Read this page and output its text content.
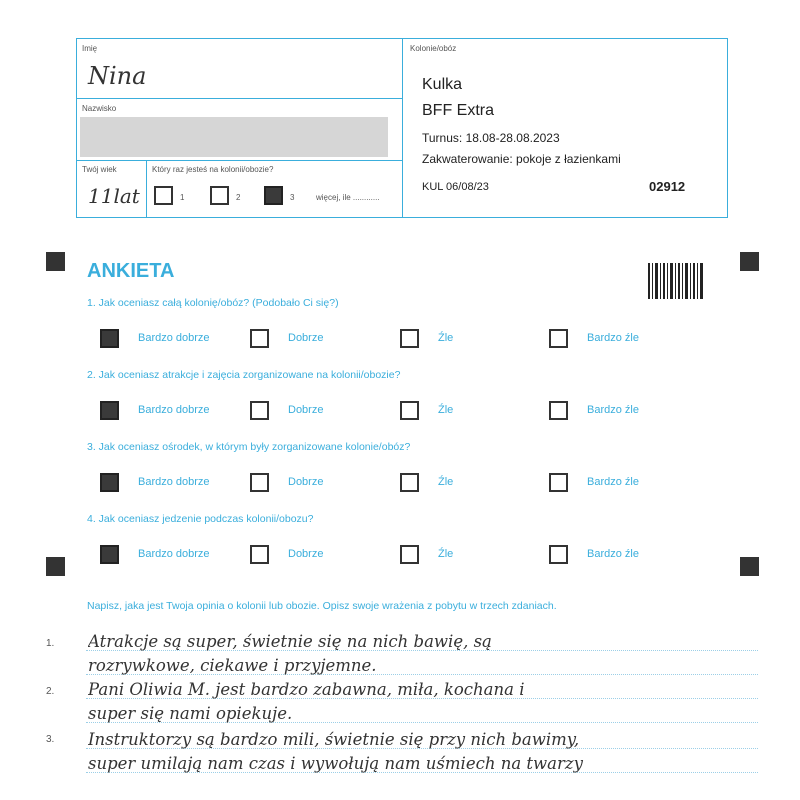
Imię
Nina
Nazwisko
Twój wiek
11lat
Który raz jesteś na kolonii/obozie?
1	2	3	więcej, ile ............
Kolonie/obóz
Kulka
BFF Extra
Turnus: 18.08-28.08.2023
Zakwaterowanie: pokoje z łazienkami
KUL 06/08/23	02912
ANKIETA
1. Jak oceniasz całą kolonię/obóz? (Podobało Ci się?)
Bardzo dobrze	Dobrze	Źle	Bardzo źle
2. Jak oceniasz atrakcje i zajęcia zorganizowane na kolonii/obozie?
Bardzo dobrze	Dobrze	Źle	Bardzo źle
3. Jak oceniasz ośrodek, w którym były zorganizowane kolonie/obóz?
Bardzo dobrze	Dobrze	Źle	Bardzo źle
4. Jak oceniasz jedzenie podczas kolonii/obozu?
Bardzo dobrze	Dobrze	Źle	Bardzo źle
Napisz, jaka jest Twoja opinia o kolonii lub obozie. Opisz swoje wrażenia z pobytu w trzech zdaniach.
Atrakcje są super, świetnie się na nich bawię, są
rozrywkowe, ciekawe i przyjemne.
Pani Oliwia M. jest bardzo zabawna, miła, kochana i
super się nami opiekuje.
Instruktorzy są bardzo mili, świetnie się przy nich bawimy,
super umilają nam czas i wywołują nam uśmiech na twarzy
1.
2.
3.
